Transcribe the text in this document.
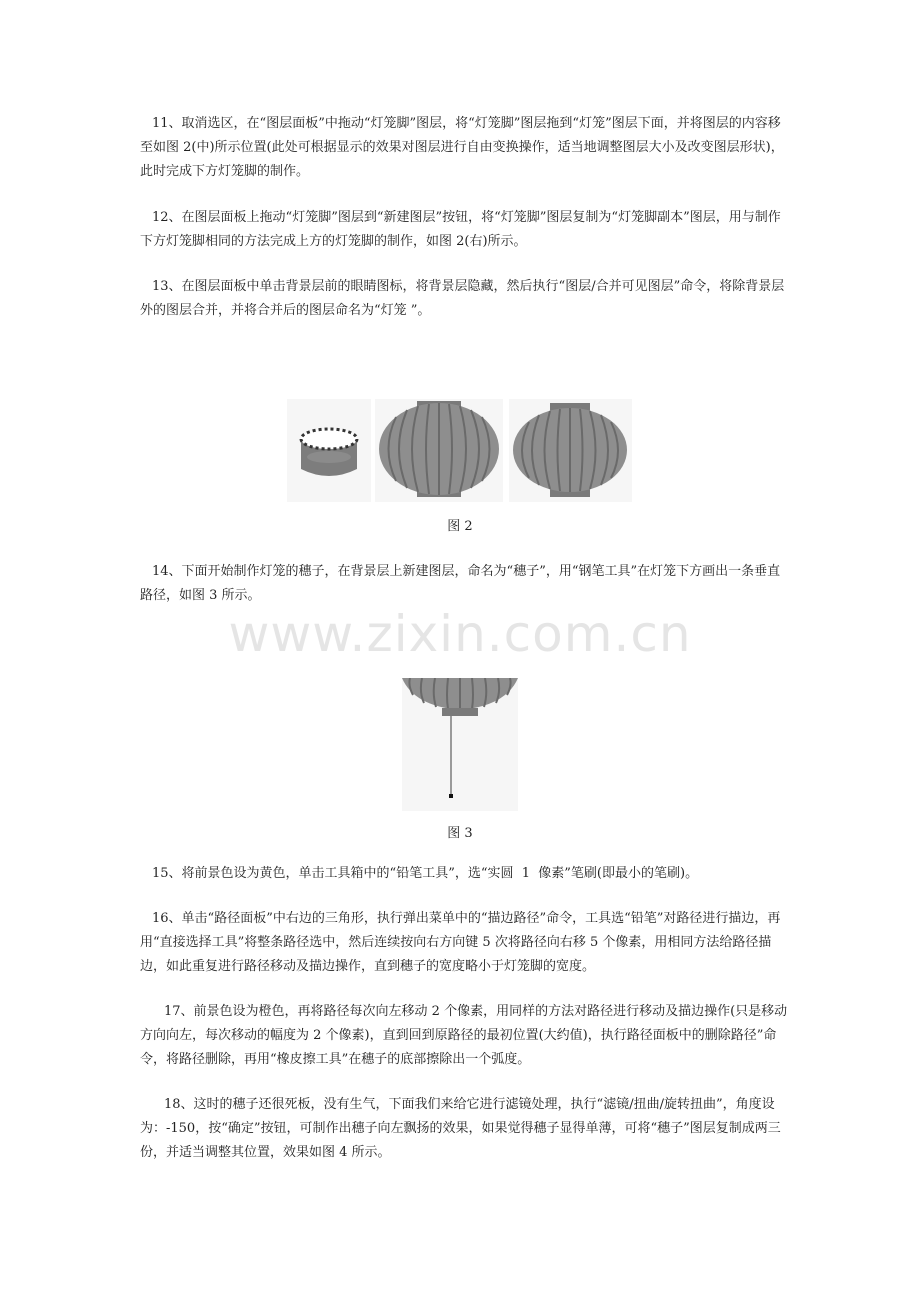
11、取消选区，在“图层面板”中拖动“灯笼脚”图层，将“灯笼脚”图层拖到“灯笼”图层下面，并将图层的内容移至如图 2(中)所示位置(此处可根据显示的效果对图层进行自由变换操作，适当地调整图层大小及改变图层形状)，此时完成下方灯笼脚的制作。

12、在图层面板上拖动“灯笼脚”图层到“新建图层”按钮，将“灯笼脚”图层复制为“灯笼脚副本”图层，用与制作下方灯笼脚相同的方法完成上方的灯笼脚的制作，如图 2(右)所示。

13、在图层面板中单击背景层前的眼睛图标，将背景层隐藏，然后执行“图层/合并可见图层”命令，将除背景层外的图层合并，并将合并后的图层命名为“灯笼 ”。

图 2

14、下面开始制作灯笼的穗子，在背景层上新建图层，命名为“穗子”，用“钢笔工具”在灯笼下方画出一条垂直路径，如图 3 所示。

www.zixin.com.cn
图 3

15、将前景色设为黄色，单击工具箱中的“铅笔工具”，选“实圆  1  像素”笔刷(即最小的笔刷)。

16、单击“路径面板”中右边的三角形，执行弹出菜单中的“描边路径”命令，工具选“铅笔”对路径进行描边，再用“直接选择工具”将整条路径选中，然后连续按向右方向键 5 次将路径向右移 5 个像素，用相同方法给路径描边，如此重复进行路径移动及描边操作，直到穗子的宽度略小于灯笼脚的宽度。

17、前景色设为橙色，再将路径每次向左移动 2 个像素，用同样的方法对路径进行移动及描边操作(只是移动方向向左，每次移动的幅度为 2 个像素)，直到回到原路径的最初位置(大约值)，执行路径面板中的删除路径”命令，将路径删除，再用“橡皮擦工具”在穗子的底部擦除出一个弧度。

18、这时的穗子还很死板，没有生气，下面我们来给它进行滤镜处理，执行“滤镜/扭曲/旋转扭曲”，角度设为：-150，按“确定”按钮，可制作出穗子向左飘扬的效果，如果觉得穗子显得单薄，可将“穗子”图层复制成两三份，并适当调整其位置，效果如图 4 所示。
